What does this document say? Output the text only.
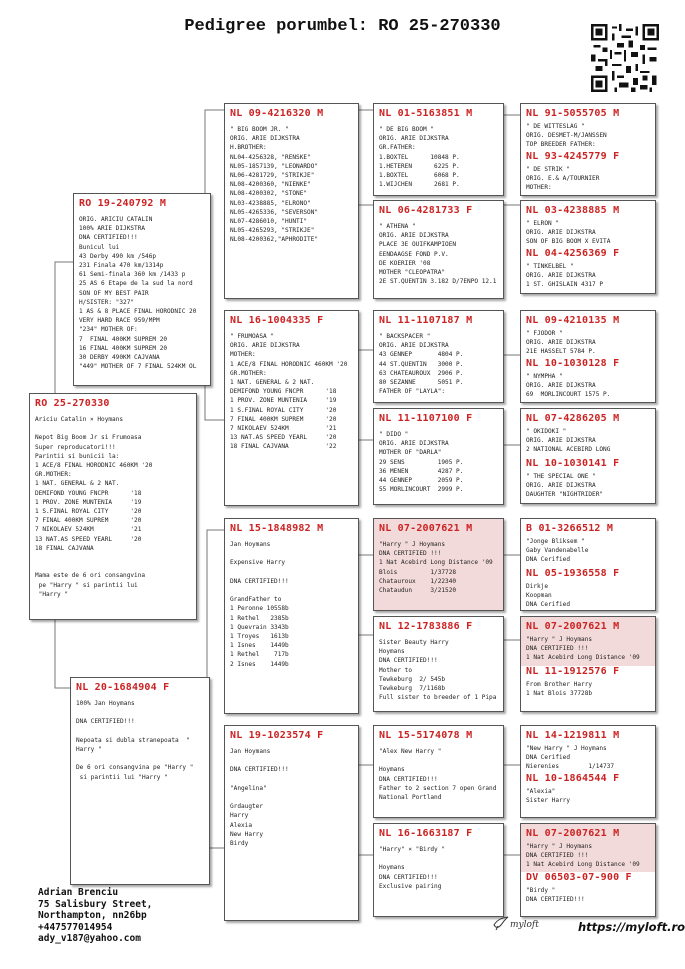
Pedigree porumbel: RO 25-270330
RO 25-270330
Ariciu Catalin × Hoymans

Nepot Big Boom Jr si Frumoasa
Super reproducatori!!!
Parintii si bunicii la:
1 ACE/8 FINAL HORODNIC 460KM '20
GR.MOTHER:
1 NAT. GENERAL & 2 NAT.
DEMIFOND YOUNG FNCPR      '18
1 PROV. ZONE MUNTENIA     '19
1 S.FINAL ROYAL CITY      '20
7 FINAL 400KM SUPREM      '20
7 NIKOLAEV 524KM          '21
13 NAT.AS SPEED YEARL     '20
18 FINAL CAJVANA

Mama este de 6 ori consangvina
pe "Harry " si parintii lui
"Harry "
RO 19-240792 M
ORIG. ARICIU CATALIN
100% ARIE DIJKSTRA
DNA CERTIFIED!!!
Bunicul lui
43 Derby 490 km /546p
231 Finala 470 km/1314p
61 Semi-finala 360 km /1433 p
25 AS 6 Etape de la sud la nord
SON OF MY BEST PAIR
H/SISTER: "327"
1 AS & 8 PLACE FINAL HORODNIC 20
VERY HARD RACE 959/MPM
"234" MOTHER OF:
7  FINAL 400KM SUPREM 20
16 FINAL 400KM SUPREM 20
30 DERBY 490KM CAJVANA
"449" MOTHER OF 7 FINAL 524KM OL
NL 20-1684904 F
100% Jan Hoymans

DNA CERTIFIED!!!

Nepoata si dubla stranepoata  "
Harry "

De 6 ori consangvina pe "Harry "
si parintii lui "Harry "
NL 09-4216320 M
" BIG BOOM JR. "
ORIG. ARIE DIJKSTRA
H.BROTHER:
NL04-4256328, "RENSKE"
NL05-1857139, "LEONARDO"
NL06-4281729, "STRIKJE"
NL08-4200360, "NIENKE"
NL08-4200302, "STONE"
NL03-4238885, "ELRONO"
NL05-4265336, "SEVERSON"
NL07-4286010, "HUNTI"
NL05-4265293, "STRIKJE"
NL08-4200362,"APHRODITE"
NL 16-1004335 F
" FRUMOASA "
ORIG. ARIE DIJKSTRA
MOTHER:
1 ACE/8 FINAL HORODNIC 460KM '20
GR.MOTHER:
1 NAT. GENERAL & 2 NAT.
DEMIFOND YOUNG FNCPR      '18
1 PROV. ZONE MUNTENIA     '19
1 S.FINAL ROYAL CITY      '20
7 FINAL 400KM SUPREM      '20
7 NIKOLAEV 524KM          '21
13 NAT.AS SPEED YEARL     '20
18 FINAL CAJVANA          '22
NL 15-1848982 M
Jan Hoymans

Expensive Harry

DNA CERTIFIED!!!

GrandFather to
1 Peronne 10558b
1 Rethel   2385b
1 Quevrain 3343b
1 Troyes   1613b
1 Isnes    1449b
1 Rethel    717b
2 Isnes    1449b
NL 19-1023574 F
Jan Hoymans

DNA CERTIFIED!!!

"Angelina"

Grdaugter
Harry
Alexia
New Harry
Birdy
NL 01-5163851 M
" DE BIG BOOM "
ORIG. ARIE DIJKSTRA
GR.FATHER:
1.BOXTEL      10848 P.
1.HETEREN      6225 P.
1.BOXTEL       6068 P.
1.WIJCHEN      2681 P.
NL 06-4281733 F
" ATHENA "
ORIG. ARIE DIJKSTRA
PLACE 3E OUIFKAMPIOEN
EENDAAGSE FOND P.V.
DE KOERIER '08
MOTHER "CLEOPATRA"
2E ST.QUENTIN 3.182 D/7ENPO 12.1
NL 11-1107187 M
" BACKSPACER "
ORIG. ARIE DIJKSTRA
43 GENNEP       4804 P.
44 ST.QUENTIN   3000 P.
63 CHATEAUROUX  2906 P.
80 SEZANNE      5051 P.
FATHER OF "LAYLA":
NL 11-1107100 F
" DIDO "
ORIG. ARIE DIJKSTRA
MOTHER OF "DARLA"
29 SENS         1905 P.
36 MENEN        4287 P.
44 GENNEP       2059 P.
55 MORLINCOURT  2999 P.
NL 07-2007621 M
"Harry " J Hoymans
DNA CERTIFIED !!!
1 Nat Acebird Long Distance '09
Blois         1/37728
Chatauroux    1/22340
Chataudun     3/21520
NL 12-1783886 F
Sister Beauty Harry
Hoymans
DNA CERTIFIED!!!
Mother to
Tewkeburg  2/ 545b
Tewkeburg  7/1168b
Full sister to breeder of 1 Pipa
NL 15-5174078 M
"Alex New Harry "

Hoymans
DNA CERTIFIED!!!
Father to 2 section 7 open Grand
National Portland
NL 16-1663187 F
"Harry" × "Birdy "

Hoymans
DNA CERTIFIED!!!
Exclusive pairing
NL 91-5055705 M
" DE WITTESLAG "
ORIG. DESMET-M/JANSSEN
TOP BREEDER FATHER:
NL 93-4245779 F
" DE STRIK "
ORIG. E.& A/TOURNIER
MOTHER:
NL 03-4238885 M
" ELRON "
ORIG. ARIE DIJKSTRA
SON OF BIG BOOM X EVITA
NL 04-4256369 F
" TINKELBEL "
ORIG. ARIE DIJKSTRA
1 ST. GHISLAIN 4317 P
NL 09-4210135 M
" FJODOR "
ORIG. ARIE DIJKSTRA
21E HASSELT 5784 P.
NL 10-1030128 F
" NYMPHA "
ORIG. ARIE DIJKSTRA
69  MORLINCOURT 1575 P.
NL 07-4286205 M
" OKIDOKI "
ORIG. ARIE DIJKSTRA
2 NATIONAL ACEBIRD LONG
NL 10-1030141 F
" THE SPECIAL ONE "
ORIG. ARIE DIJKSTRA
DAUGHTER "NIGHTRIDER"
B 01-3266512 M
"Jonge Bliksem "
Gaby Vandenabelle
DNA Cerified
NL 05-1936558 F
Dirkje
Koopman
DNA Cerified
NL 07-2007621 M
"Harry " J Hoymans
DNA CERTIFIED !!!
1 Nat Acebird Long Distance '09
NL 11-1912576 F
From Brother Harry
1 Nat Blois 37728b
NL 14-1219811 M
"New Harry " J Hoymans
DNA Cerified
Nierenies        1/14737
NL 10-1864544 F
"Alexia"
Sister Harry
NL 07-2007621 M
"Harry " J Hoymans
DNA CERTIFIED !!!
1 Nat Acebird Long Distance '09
DV 06503-07-900 F
"Birdy "
DNA CERTIFIED!!!
Adrian Brenciu
75 Salisbury Street,
Northampton, nn26bp
+447577014954
ady_v187@yahoo.com
myloft	https://myloft.ro
